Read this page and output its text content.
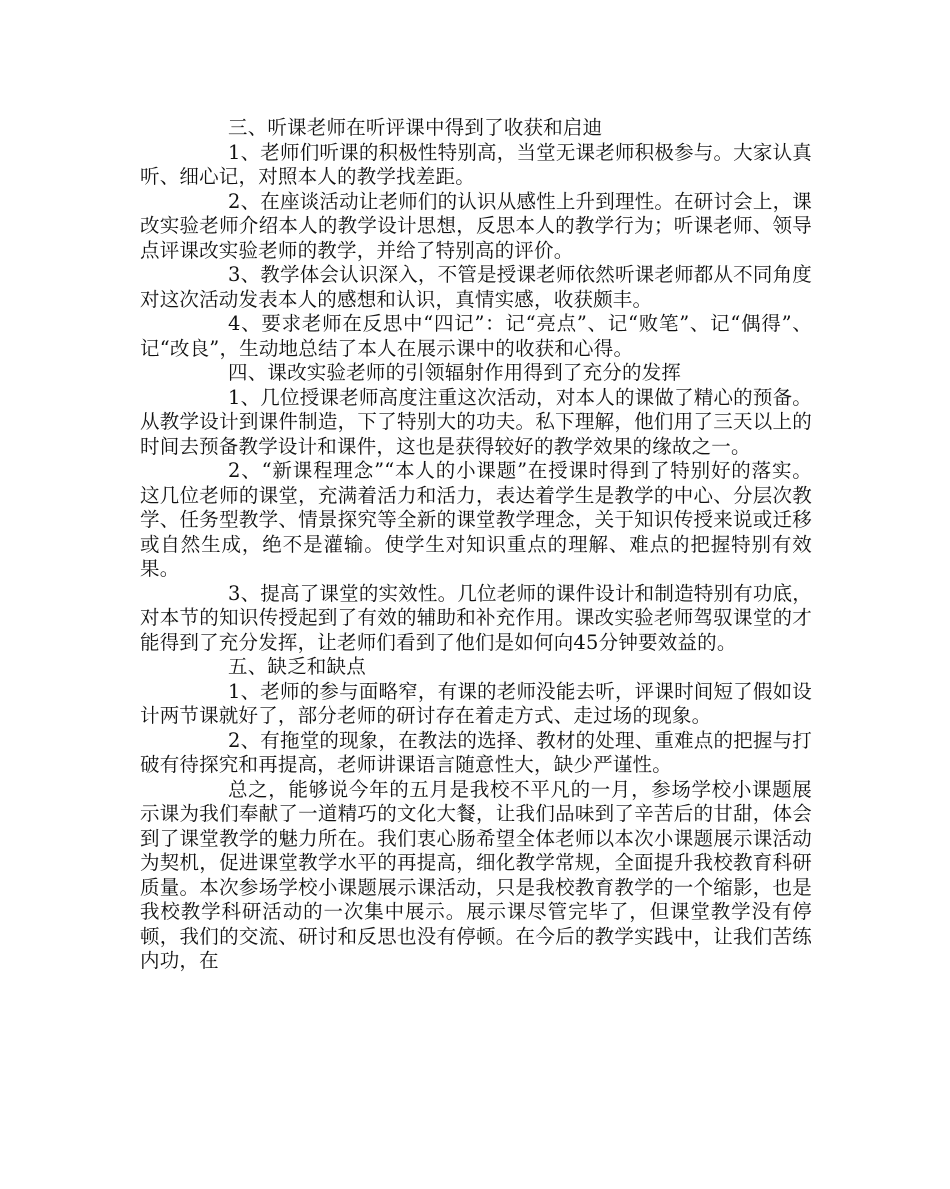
三、听课老师在听评课中得到了收获和启迪

1、老师们听课的积极性特别高，当堂无课老师积极参与。大家认真听、细心记，对照本人的教学找差距。

2、在座谈活动让老师们的认识从感性上升到理性。在研讨会上，课改实验老师介绍本人的教学设计思想，反思本人的教学行为；听课老师、领导点评课改实验老师的教学，并给了特别高的评价。

3、教学体会认识深入，不管是授课老师依然听课老师都从不同角度对这次活动发表本人的感想和认识，真情实感，收获颇丰。

4、要求老师在反思中“四记”：记“亮点”、记“败笔”、记“偶得”、记“改良”，生动地总结了本人在展示课中的收获和心得。

四、课改实验老师的引领辐射作用得到了充分的发挥

1、几位授课老师高度注重这次活动，对本人的课做了精心的预备。从教学设计到课件制造，下了特别大的功夫。私下理解，他们用了三天以上的时间去预备教学设计和课件，这也是获得较好的教学效果的缘故之一。

2、“新课程理念”“本人的小课题”在授课时得到了特别好的落实。这几位老师的课堂，充满着活力和活力，表达着学生是教学的中心、分层次教学、任务型教学、情景探究等全新的课堂教学理念，关于知识传授来说或迁移或自然生成，绝不是灌输。使学生对知识重点的理解、难点的把握特别有效果。

3、提高了课堂的实效性。几位老师的课件设计和制造特别有功底，对本节的知识传授起到了有效的辅助和补充作用。课改实验老师驾驭课堂的才能得到了充分发挥，让老师们看到了他们是如何向45分钟要效益的。

五、缺乏和缺点

1、老师的参与面略窄，有课的老师没能去听，评课时间短了假如设计两节课就好了，部分老师的研讨存在着走方式、走过场的现象。

2、有拖堂的现象，在教法的选择、教材的处理、重难点的把握与打破有待探究和再提高，老师讲课语言随意性大，缺少严谨性。

总之，能够说今年的五月是我校不平凡的一月，参场学校小课题展示课为我们奉献了一道精巧的文化大餐，让我们品味到了辛苦后的甘甜，体会到了课堂教学的魅力所在。我们衷心肠希望全体老师以本次小课题展示课活动为契机，促进课堂教学水平的再提高，细化教学常规，全面提升我校教育科研质量。本次参场学校小课题展示课活动，只是我校教育教学的一个缩影，也是我校教学科研活动的一次集中展示。展示课尽管完毕了，但课堂教学没有停顿，我们的交流、研讨和反思也没有停顿。在今后的教学实践中，让我们苦练内功，在
